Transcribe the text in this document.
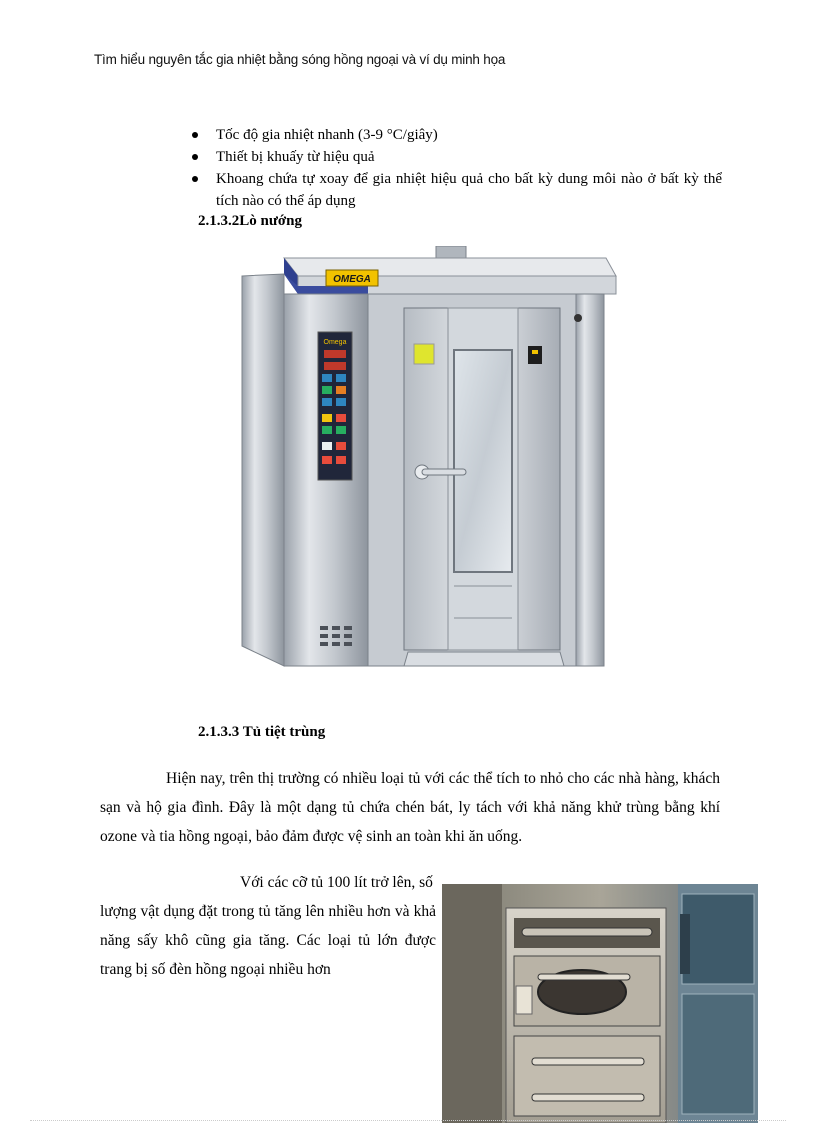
Tìm hiểu nguyên tắc gia nhiệt bằng sóng hồng ngoại và ví dụ minh họa
Tốc độ gia nhiệt nhanh (3-9 °C/giây)
Thiết bị khuấy từ hiệu quả
Khoang chứa tự xoay để gia nhiệt hiệu quả cho bất kỳ dung môi nào ở bất kỳ thể tích nào có thể áp dụng
2.1.3.2Lò nướng
OMEGA
Omega
2.1.3.3 Tủ tiệt trùng

Hiện nay, trên thị trường có nhiều loại tủ với các thể tích to nhỏ cho các nhà hàng, khách sạn và hộ gia đình. Đây là một dạng tủ chứa chén bát, ly tách với khả năng khử trùng bằng khí ozone và tia hồng ngoại, bảo đảm được vệ sinh an toàn khi ăn uống.

Với các cỡ tủ 100 lít trở lên, số
lượng vật dụng đặt trong tủ tăng lên nhiều hơn và khả năng sấy khô cũng gia tăng. Các loại tủ lớn được trang bị số đèn hồng ngoại nhiều hơn
